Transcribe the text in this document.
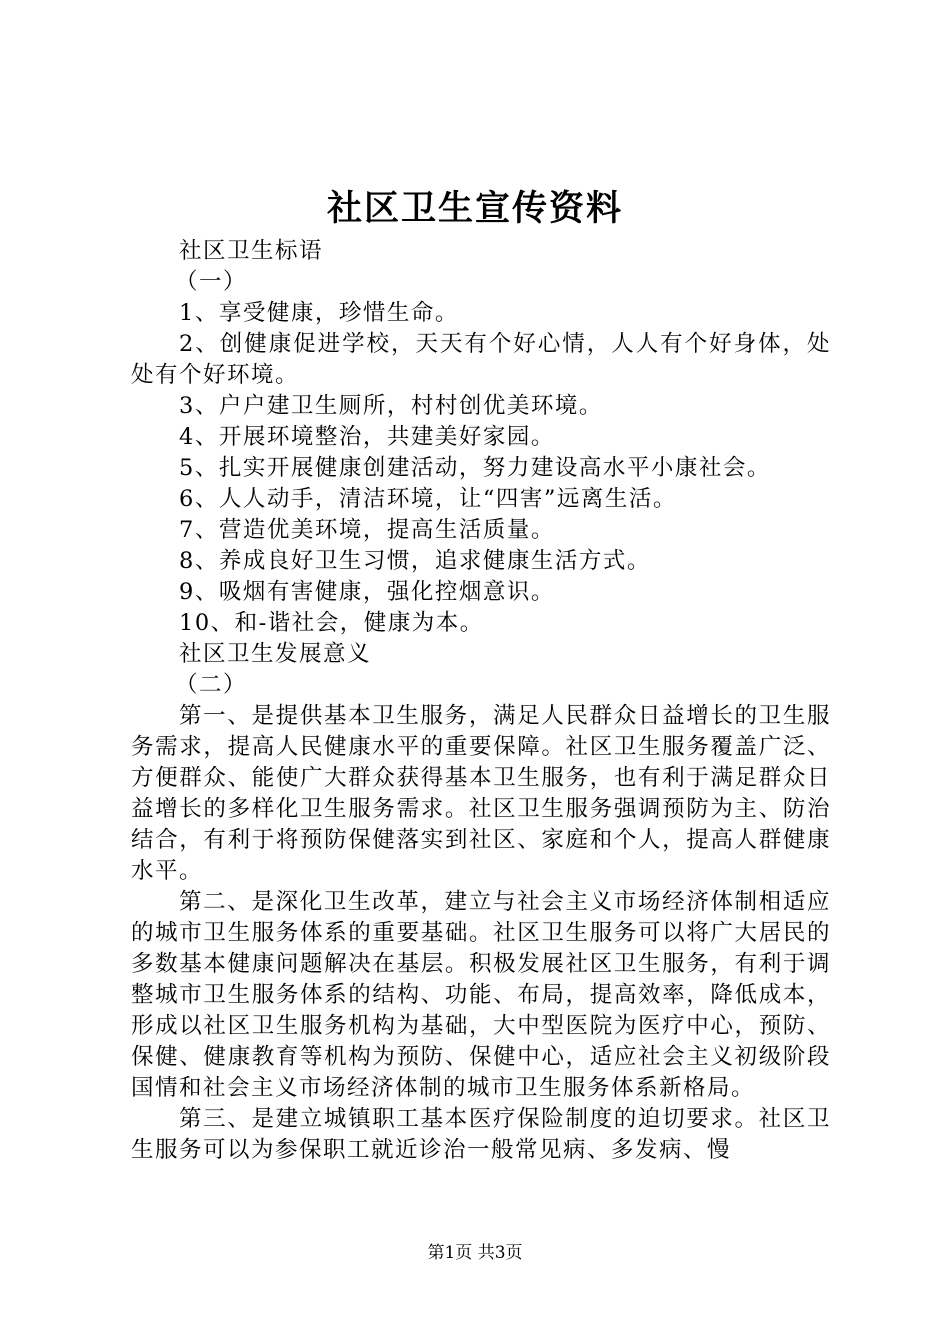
社区卫生宣传资料

社区卫生标语

（一）

1、享受健康，珍惜生命。

2、创健康促进学校，天天有个好心情，人人有个好身体，处处有个好环境。

3、户户建卫生厕所，村村创优美环境。

4、开展环境整治，共建美好家园。

5、扎实开展健康创建活动，努力建设高水平小康社会。

6、人人动手，清洁环境，让“四害”远离生活。

7、营造优美环境，提高生活质量。

8、养成良好卫生习惯，追求健康生活方式。

9、吸烟有害健康，强化控烟意识。

10、和-谐社会，健康为本。

社区卫生发展意义

（二）

第一、是提供基本卫生服务，满足人民群众日益增长的卫生服务需求，提高人民健康水平的重要保障。社区卫生服务覆盖广泛、方便群众、能使广大群众获得基本卫生服务，也有利于满足群众日益增长的多样化卫生服务需求。社区卫生服务强调预防为主、防治结合，有利于将预防保健落实到社区、家庭和个人，提高人群健康水平。

第二、是深化卫生改革，建立与社会主义市场经济体制相适应的城市卫生服务体系的重要基础。社区卫生服务可以将广大居民的多数基本健康问题解决在基层。积极发展社区卫生服务，有利于调整城市卫生服务体系的结构、功能、布局，提高效率，降低成本，形成以社区卫生服务机构为基础，大中型医院为医疗中心，预防、保健、健康教育等机构为预防、保健中心，适应社会主义初级阶段国情和社会主义市场经济体制的城市卫生服务体系新格局。

第三、是建立城镇职工基本医疗保险制度的迫切要求。社区卫生服务可以为参保职工就近诊治一般常见病、多发病、慢

第1页 共3页
